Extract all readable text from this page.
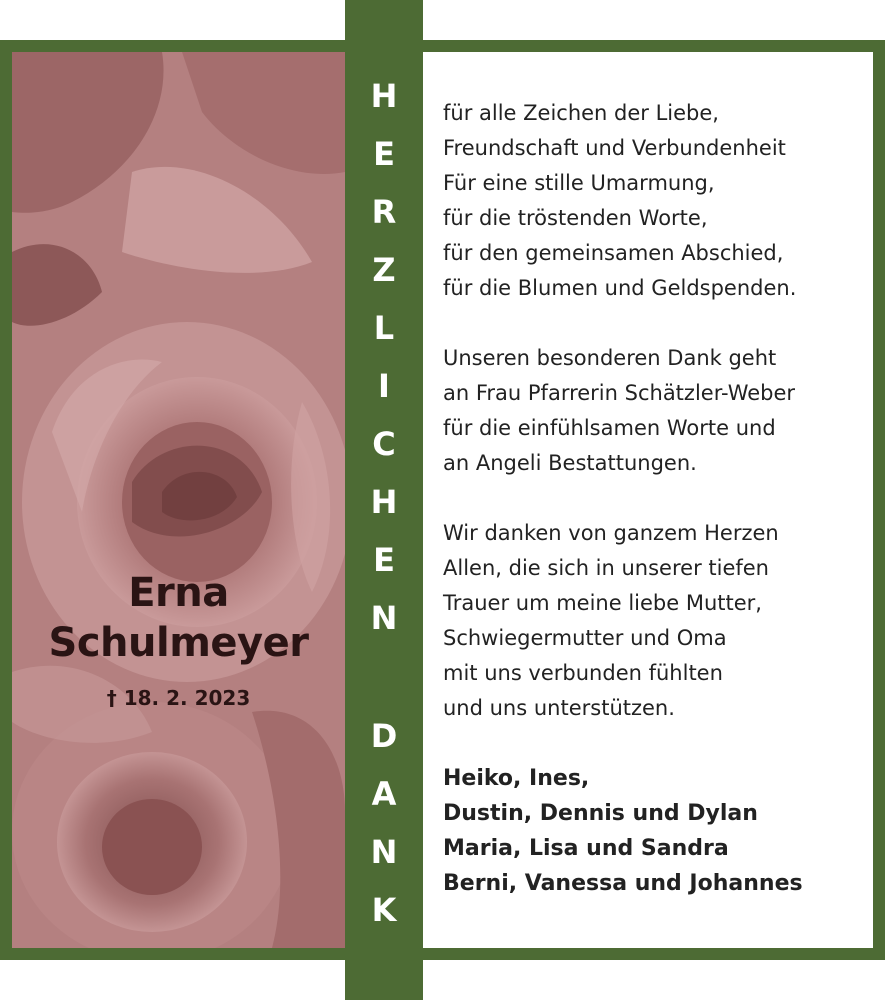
Erna
Schulmeyer
† 18. 2. 2023
H
E
R
Z
L
I
C
H
E
N
D
A
N
K
für alle Zeichen der Liebe,
Freundschaft und Verbundenheit
Für eine stille Umarmung,
für die tröstenden Worte,
für den gemeinsamen Abschied,
für die Blumen und Geldspenden.
Unseren besonderen Dank geht
an Frau Pfarrerin Schätzler-Weber
für die einfühlsamen Worte und
an Angeli Bestattungen.
Wir danken von ganzem Herzen
Allen, die sich in unserer tiefen
Trauer um meine liebe Mutter,
Schwiegermutter und Oma
mit uns verbunden fühlten
und uns unterstützen.
Heiko, Ines,
Dustin, Dennis und Dylan
Maria, Lisa und Sandra
Berni, Vanessa und Johannes
